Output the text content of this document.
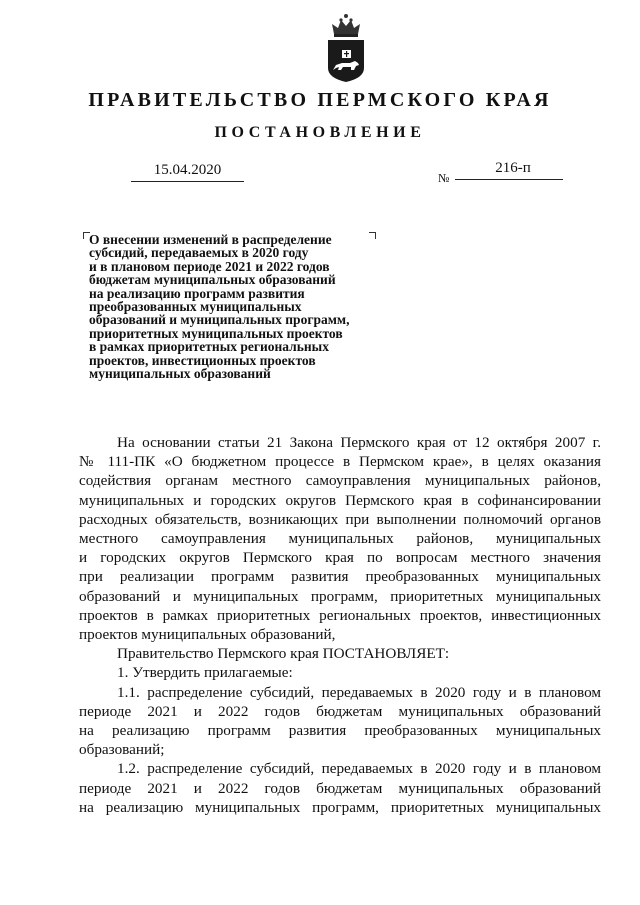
ПРАВИТЕЛЬСТВО ПЕРМСКОГО КРАЯ
ПОСТАНОВЛЕНИЕ
15.04.2020	№
216-п
О внесении изменений в распределение
субсидий, передаваемых в 2020 году
и в плановом периоде 2021 и 2022 годов
бюджетам муниципальных образований
на реализацию программ развития
преобразованных муниципальных
образований и муниципальных программ,
приоритетных муниципальных проектов
в рамках приоритетных региональных
проектов, инвестиционных проектов
муниципальных образований

На основании статьи 21 Закона Пермского края от 12 октября 2007 г.

№ 111-ПК «О бюджетном процессе в Пермском крае», в целях оказания

содействия органам местного самоуправления муниципальных районов,

муниципальных и городских округов Пермского края в софинансировании

расходных обязательств, возникающих при выполнении полномочий органов

местного самоуправления муниципальных районов, муниципальных

и городских округов Пермского края по вопросам местного значения

при реализации программ развития преобразованных муниципальных

образований и муниципальных программ, приоритетных муниципальных

проектов в рамках приоритетных региональных проектов, инвестиционных

проектов муниципальных образований,

Правительство Пермского края ПОСТАНОВЛЯЕТ:

1. Утвердить прилагаемые:

1.1. распределение субсидий, передаваемых в 2020 году и в плановом

периоде 2021 и 2022 годов бюджетам муниципальных образований

на реализацию программ развития преобразованных муниципальных

образований;

1.2. распределение субсидий, передаваемых в 2020 году и в плановом

периоде 2021 и 2022 годов бюджетам муниципальных образований

на реализацию муниципальных программ, приоритетных муниципальных
